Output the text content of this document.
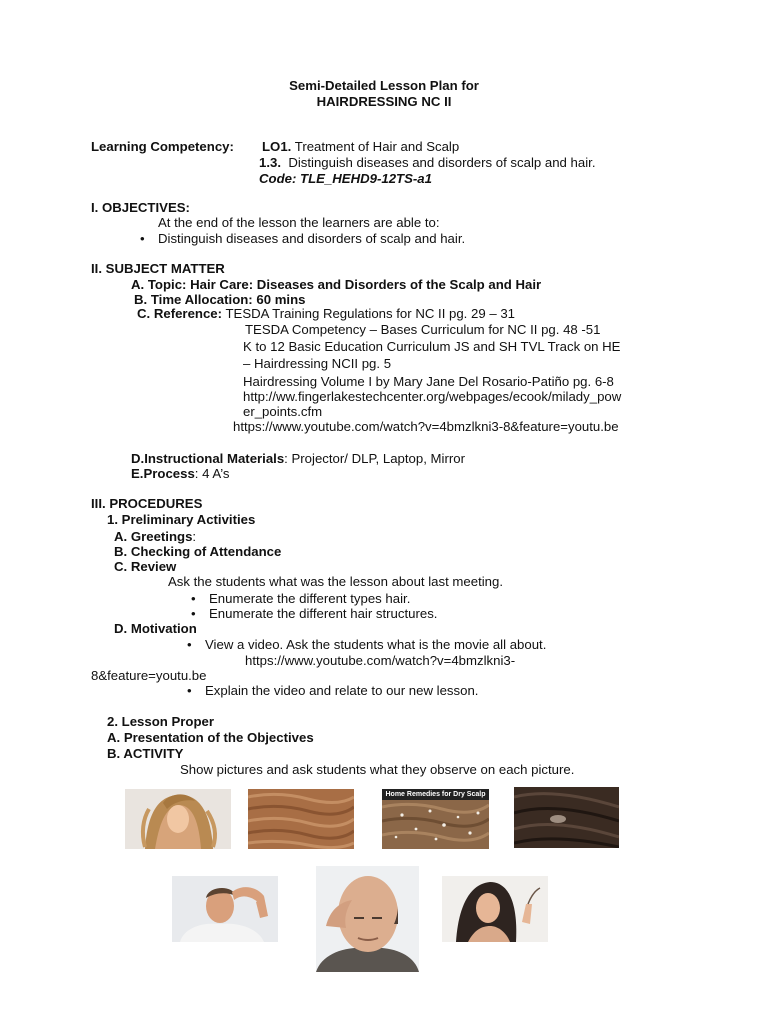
Semi-Detailed Lesson Plan for
HAIRDRESSING NC II
Learning Competency: LO1. Treatment of Hair and Scalp
1.3. Distinguish diseases and disorders of scalp and hair.
Code: TLE_HEHD9-12TS-a1
I. OBJECTIVES:
At the end of the lesson the learners are able to:
• Distinguish diseases and disorders of scalp and hair.
II. SUBJECT MATTER
A. Topic: Hair Care: Diseases and Disorders of the Scalp and Hair
B. Time Allocation: 60 mins
C. Reference: TESDA Training Regulations for NC II pg. 29 – 31
TESDA Competency – Bases Curriculum for NC II pg. 48 -51
K to 12 Basic Education Curriculum JS and SH TVL Track on HE
– Hairdressing NCII pg. 5
Hairdressing Volume I by Mary Jane Del Rosario-Patiño pg. 6-8
http://ww.fingerlakestechcenter.org/webpages/ecook/milady_pow
er_points.cfm
https://www.youtube.com/watch?v=4bmzlkni3-8&feature=youtu.be
D.Instructional Materials: Projector/ DLP, Laptop, Mirror
E.Process: 4 A’s
III. PROCEDURES
1. Preliminary Activities
A. Greetings:
B. Checking of Attendance
C. Review
Ask the students what was the lesson about last meeting.
• Enumerate the different types hair.
• Enumerate the different hair structures.
D. Motivation
• View a video. Ask the students what is the movie all about.
https://www.youtube.com/watch?v=4bmzlkni3-
8&feature=youtu.be
• Explain the video and relate to our new lesson.
2. Lesson Proper
A. Presentation of the Objectives
B. ACTIVITY
Show pictures and ask students what they observe on each picture.
Home Remedies for Dry Scalp
